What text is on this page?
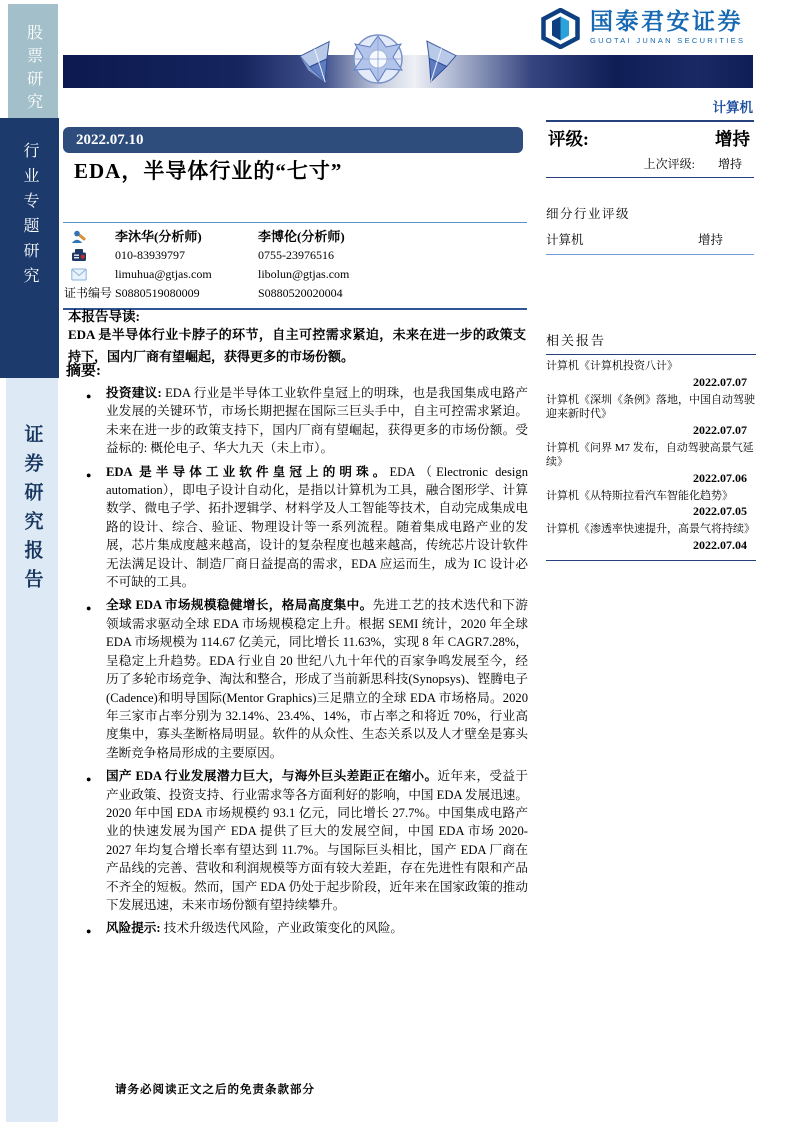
股票研究
行业专题研究
证券研究报告
国泰君安证券
GUOTAI JUNAN SECURITIES
计算机
2022.07.10
EDA，半导体行业的“七寸”
李沐华(分析师)	李博伦(分析师)
010-83939797	0755-23976516
limuhua@gtjas.com	libolun@gtjas.com
证书编号 S0880519080009	S0880520020004
本报告导读:
EDA 是半导体行业卡脖子的环节，自主可控需求紧迫，未来在进一步的政策支持下，国内厂商有望崛起，获得更多的市场份额。
摘要:
● 投资建议: EDA 行业是半导体工业软件皇冠上的明珠，也是我国集成电路产业发展的关键环节，市场长期把握在国际三巨头手中，自主可控需求紧迫。未来在进一步的政策支持下，国内厂商有望崛起，获得更多的市场份额。受益标的: 概伦电子、华大九天（未上市）。
● EDA 是半导体工业软件皇冠上的明珠。EDA（Electronic design automation），即电子设计自动化，是指以计算机为工具，融合图形学、计算数学、微电子学、拓扑逻辑学、材料学及人工智能等技术，自动完成集成电路的设计、综合、验证、物理设计等一系列流程。随着集成电路产业的发展，芯片集成度越来越高，设计的复杂程度也越来越高，传统芯片设计软件无法满足设计、制造厂商日益提高的需求，EDA 应运而生，成为 IC 设计必不可缺的工具。
● 全球 EDA 市场规模稳健增长，格局高度集中。先进工艺的技术迭代和下游领域需求驱动全球 EDA 市场规模稳定上升。根据 SEMI 统计，2020 年全球 EDA 市场规模为 114.67 亿美元，同比增长 11.63%，实现 8 年 CAGR7.28%，呈稳定上升趋势。EDA 行业自 20 世纪八九十年代的百家争鸣发展至今，经历了多轮市场竞争、淘汰和整合，形成了当前新思科技(Synopsys)、铿腾电子(Cadence)和明导国际(Mentor Graphics)三足鼎立的全球 EDA 市场格局。2020 年三家市占率分别为 32.14%、23.4%、14%，市占率之和将近 70%，行业高度集中，寡头垄断格局明显。软件的从众性、生态关系以及人才壁垒是寡头垄断竞争格局形成的主要原因。
● 国产 EDA 行业发展潜力巨大，与海外巨头差距正在缩小。近年来，受益于产业政策、投资支持、行业需求等各方面利好的影响，中国 EDA 发展迅速。2020 年中国 EDA 市场规模约 93.1 亿元，同比增长 27.7%。中国集成电路产业的快速发展为国产 EDA 提供了巨大的发展空间，中国 EDA 市场 2020-2027 年均复合增长率有望达到 11.7%。与国际巨头相比，国产 EDA 厂商在产品线的完善、营收和利润规模等方面有较大差距，存在先进性有限和产品不齐全的短板。然而，国产 EDA 仍处于起步阶段，近年来在国家政策的推动下发展迅速，未来市场份额有望持续攀升。
● 风险提示: 技术升级迭代风险，产业政策变化的风险。
评级:	增持
上次评级: 增持
细分行业评级
计算机	增持
相关报告
计算机《计算机投资八计》
2022.07.07
计算机《深圳《条例》落地，中国自动驾驶迎来新时代》
2022.07.07
计算机《问界 M7 发布，自动驾驶高景气延续》
2022.07.06
计算机《从特斯拉看汽车智能化趋势》
2022.07.05
计算机《渗透率快速提升，高景气将持续》
2022.07.04
请务必阅读正文之后的免责条款部分
